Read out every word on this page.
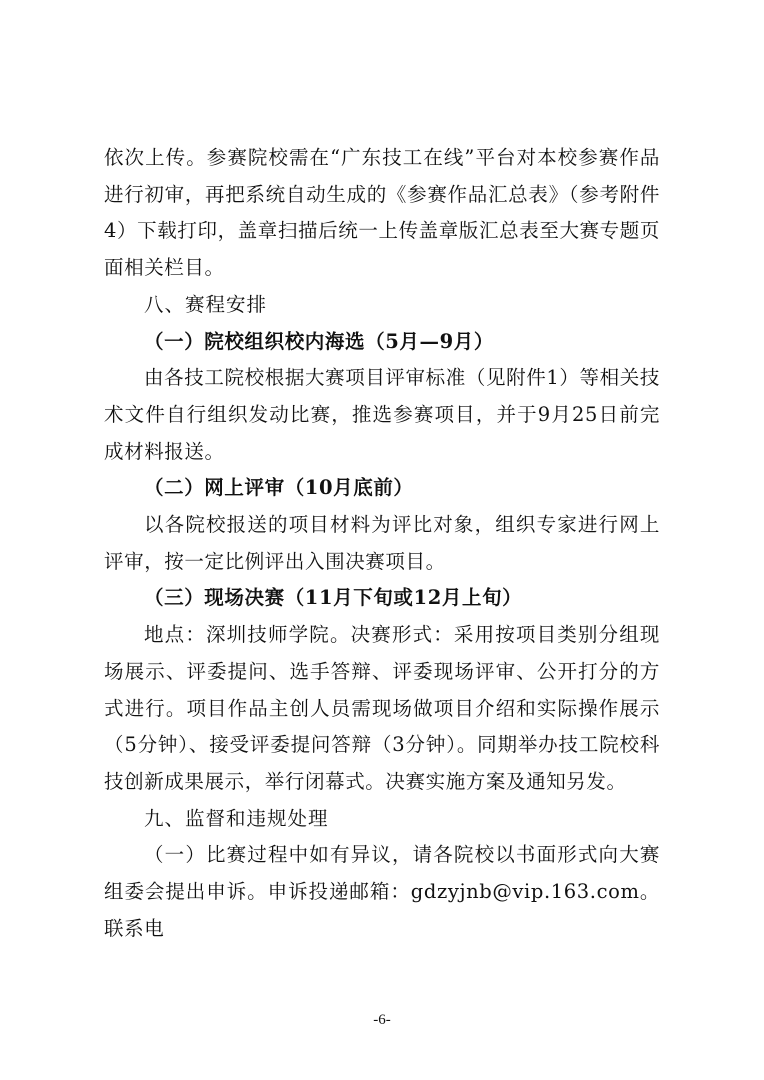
依次上传。参赛院校需在“广东技工在线”平台对本校参赛作品进行初审，再把系统自动生成的《参赛作品汇总表》（参考附件4）下载打印，盖章扫描后统一上传盖章版汇总表至大赛专题页面相关栏目。

八、赛程安排

（一）院校组织校内海选（5月—9月）

由各技工院校根据大赛项目评审标准（见附件1）等相关技术文件自行组织发动比赛，推选参赛项目，并于9月25日前完成材料报送。

（二）网上评审（10月底前）

以各院校报送的项目材料为评比对象，组织专家进行网上评审，按一定比例评出入围决赛项目。

（三）现场决赛（11月下旬或12月上旬）

地点：深圳技师学院。决赛形式：采用按项目类别分组现场展示、评委提问、选手答辩、评委现场评审、公开打分的方式进行。项目作品主创人员需现场做项目介绍和实际操作展示（5分钟）、接受评委提问答辩（3分钟）。同期举办技工院校科技创新成果展示，举行闭幕式。决赛实施方案及通知另发。

九、监督和违规处理

（一）比赛过程中如有异议，请各院校以书面形式向大赛组委会提出申诉。申诉投递邮箱：gdzyjnb@vip.163.com。联系电

-6-
